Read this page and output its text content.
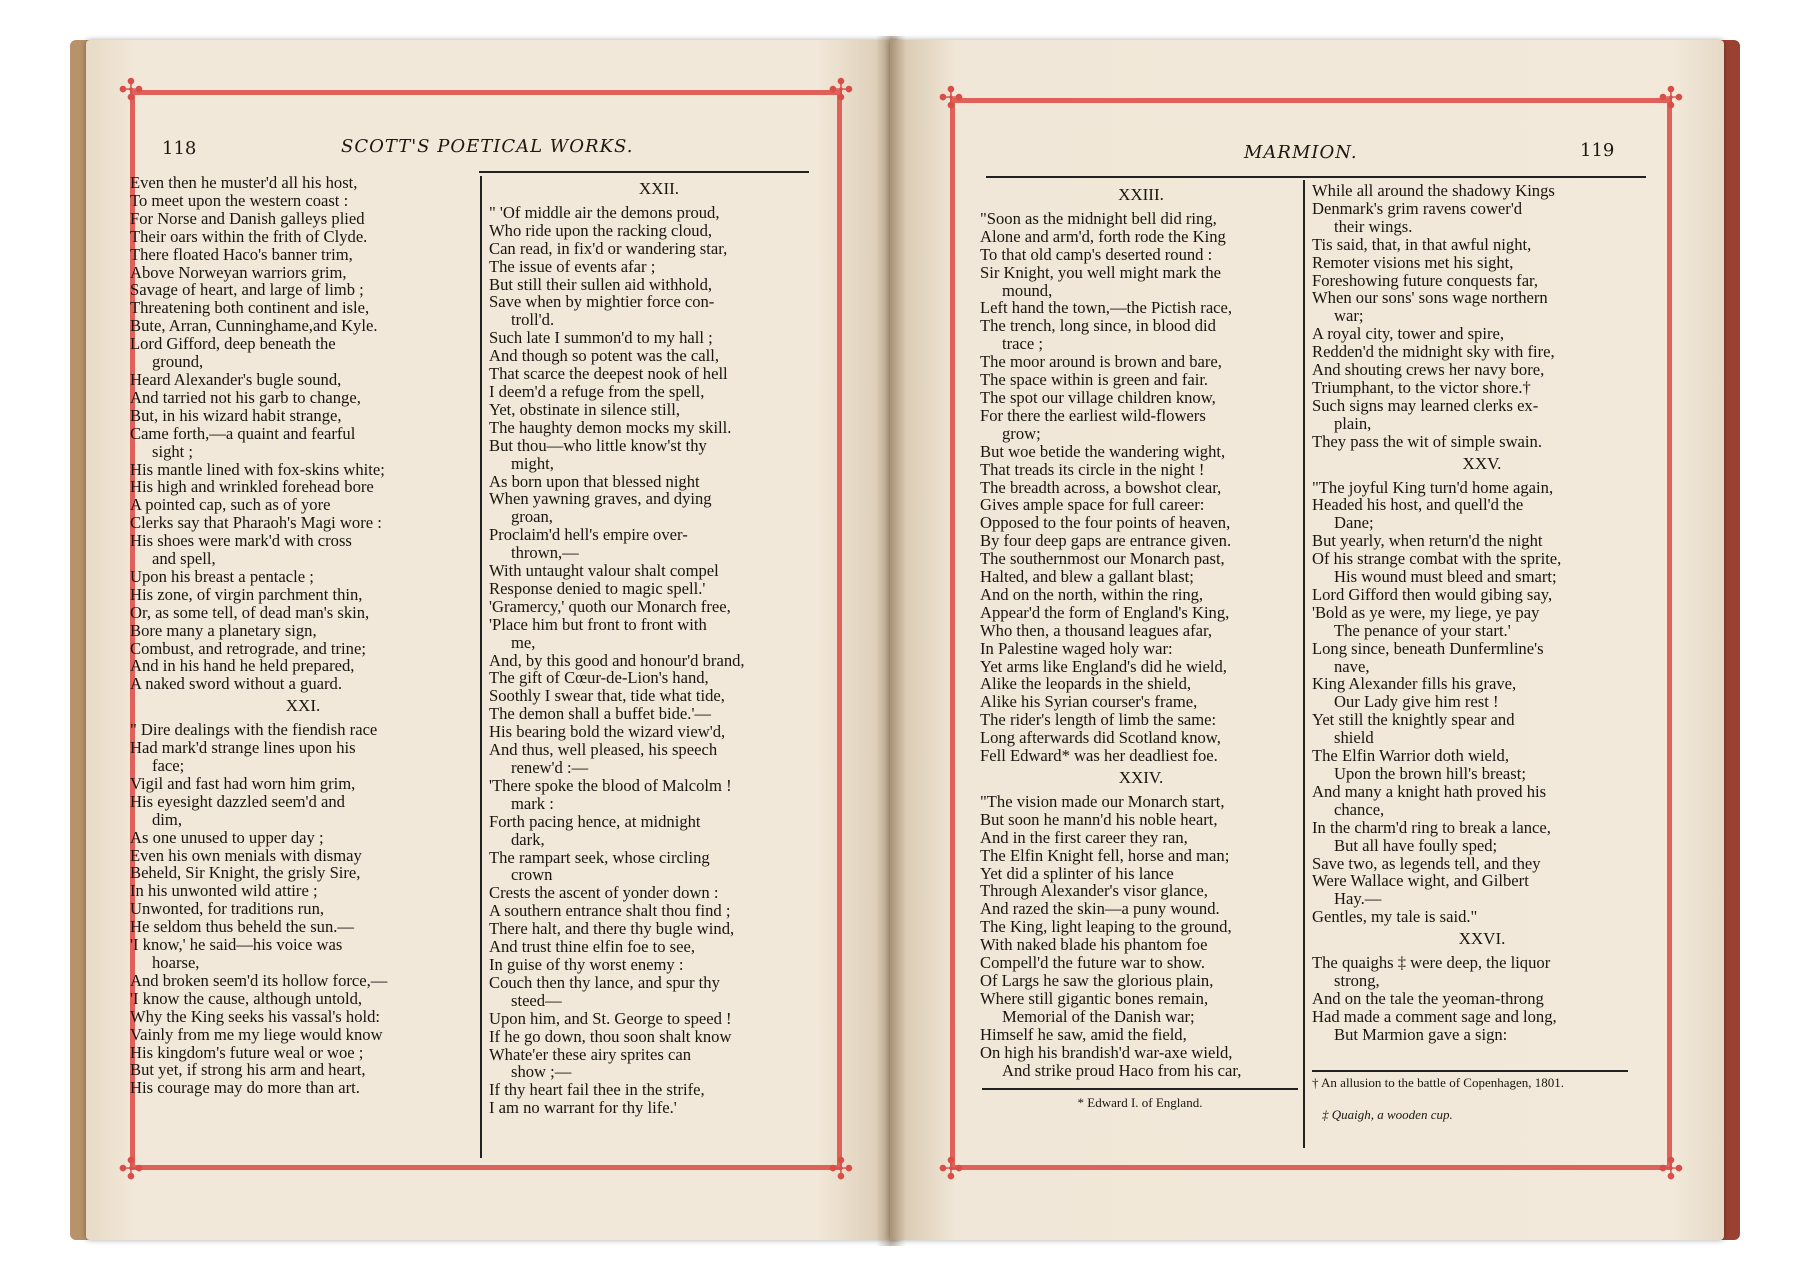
✣	✣
✣	✣
118	SCOTT'S POETICAL WORKS.
Even then he muster'd all his host,
To meet upon the western coast :
For Norse and Danish galleys plied
Their oars within the frith of Clyde.
There floated Haco's banner trim,
Above Norweyan warriors grim,
Savage of heart, and large of limb ;
Threatening both continent and isle,
Bute, Arran, Cunninghame,and Kyle.
Lord Gifford, deep beneath the
ground,
Heard Alexander's bugle sound,
And tarried not his garb to change,
But, in his wizard habit strange,
Came forth,—a quaint and fearful
sight ;
His mantle lined with fox-skins white;
His high and wrinkled forehead bore
A pointed cap, such as of yore
Clerks say that Pharaoh's Magi wore :
His shoes were mark'd with cross
and spell,
Upon his breast a pentacle ;
His zone, of virgin parchment thin,
Or, as some tell, of dead man's skin,
Bore many a planetary sign,
Combust, and retrograde, and trine;
And in his hand he held prepared,
A naked sword without a guard.
XXI.
" Dire dealings with the fiendish race
Had mark'd strange lines upon his
face;
Vigil and fast had worn him grim,
His eyesight dazzled seem'd and
dim,
As one unused to upper day ;
Even his own menials with dismay
Beheld, Sir Knight, the grisly Sire,
In his unwonted wild attire ;
Unwonted, for traditions run,
He seldom thus beheld the sun.—
'I know,' he said—his voice was
hoarse,
And broken seem'd its hollow force,—
'I know the cause, although untold,
Why the King seeks his vassal's hold:
Vainly from me my liege would know
His kingdom's future weal or woe ;
But yet, if strong his arm and heart,
His courage may do more than art.
XXII.
" 'Of middle air the demons proud,
Who ride upon the racking cloud,
Can read, in fix'd or wandering star,
The issue of events afar ;
But still their sullen aid withhold,
Save when by mightier force con-
troll'd.
Such late I summon'd to my hall ;
And though so potent was the call,
That scarce the deepest nook of hell
I deem'd a refuge from the spell,
Yet, obstinate in silence still,
The haughty demon mocks my skill.
But thou—who little know'st thy
might,
As born upon that blessed night
When yawning graves, and dying
groan,
Proclaim'd hell's empire over-
thrown,—
With untaught valour shalt compel
Response denied to magic spell.'
'Gramercy,' quoth our Monarch free,
'Place him but front to front with
me,
And, by this good and honour'd brand,
The gift of Cœur-de-Lion's hand,
Soothly I swear that, tide what tide,
The demon shall a buffet bide.'—
His bearing bold the wizard view'd,
And thus, well pleased, his speech
renew'd :—
'There spoke the blood of Malcolm !
mark :
Forth pacing hence, at midnight
dark,
The rampart seek, whose circling
crown
Crests the ascent of yonder down :
A southern entrance shalt thou find ;
There halt, and there thy bugle wind,
And trust thine elfin foe to see,
In guise of thy worst enemy :
Couch then thy lance, and spur thy
steed—
Upon him, and St. George to speed !
If he go down, thou soon shalt know
Whate'er these airy sprites can
show ;—
If thy heart fail thee in the strife,
I am no warrant for thy life.'
✣	✣
✣	✣
MARMION.	119
XXIII.
"Soon as the midnight bell did ring,
Alone and arm'd, forth rode the King
To that old camp's deserted round :
Sir Knight, you well might mark the
mound,
Left hand the town,—the Pictish race,
The trench, long since, in blood did
trace ;
The moor around is brown and bare,
The space within is green and fair.
The spot our village children know,
For there the earliest wild-flowers
grow;
But woe betide the wandering wight,
That treads its circle in the night !
The breadth across, a bowshot clear,
Gives ample space for full career:
Opposed to the four points of heaven,
By four deep gaps are entrance given.
The southernmost our Monarch past,
Halted, and blew a gallant blast;
And on the north, within the ring,
Appear'd the form of England's King,
Who then, a thousand leagues afar,
In Palestine waged holy war:
Yet arms like England's did he wield,
Alike the leopards in the shield,
Alike his Syrian courser's frame,
The rider's length of limb the same:
Long afterwards did Scotland know,
Fell Edward* was her deadliest foe.
XXIV.
"The vision made our Monarch start,
But soon he mann'd his noble heart,
And in the first career they ran,
The Elfin Knight fell, horse and man;
Yet did a splinter of his lance
Through Alexander's visor glance,
And razed the skin—a puny wound.
The King, light leaping to the ground,
With naked blade his phantom foe
Compell'd the future war to show.
Of Largs he saw the glorious plain,
Where still gigantic bones remain,
Memorial of the Danish war;
Himself he saw, amid the field,
On high his brandish'd war-axe wield,
And strike proud Haco from his car,
While all around the shadowy Kings
Denmark's grim ravens cower'd
their wings.
Tis said, that, in that awful night,
Remoter visions met his sight,
Foreshowing future conquests far,
When our sons' sons wage northern
war;
A royal city, tower and spire,
Redden'd the midnight sky with fire,
And shouting crews her navy bore,
Triumphant, to the victor shore.†
Such signs may learned clerks ex-
plain,
They pass the wit of simple swain.
XXV.
"The joyful King turn'd home again,
Headed his host, and quell'd the
Dane;
But yearly, when return'd the night
Of his strange combat with the sprite,
His wound must bleed and smart;
Lord Gifford then would gibing say,
'Bold as ye were, my liege, ye pay
The penance of your start.'
Long since, beneath Dunfermline's
nave,
King Alexander fills his grave,
Our Lady give him rest !
Yet still the knightly spear and
shield
The Elfin Warrior doth wield,
Upon the brown hill's breast;
And many a knight hath proved his
chance,
In the charm'd ring to break a lance,
But all have foully sped;
Save two, as legends tell, and they
Were Wallace wight, and Gilbert
Hay.—
Gentles, my tale is said."
XXVI.
The quaighs ‡ were deep, the liquor
strong,
And on the tale the yeoman-throng
Had made a comment sage and long,
But Marmion gave a sign:
* Edward I. of England.
† An allusion to the battle of Copenhagen, 1801.
‡ Quaigh, a wooden cup.
